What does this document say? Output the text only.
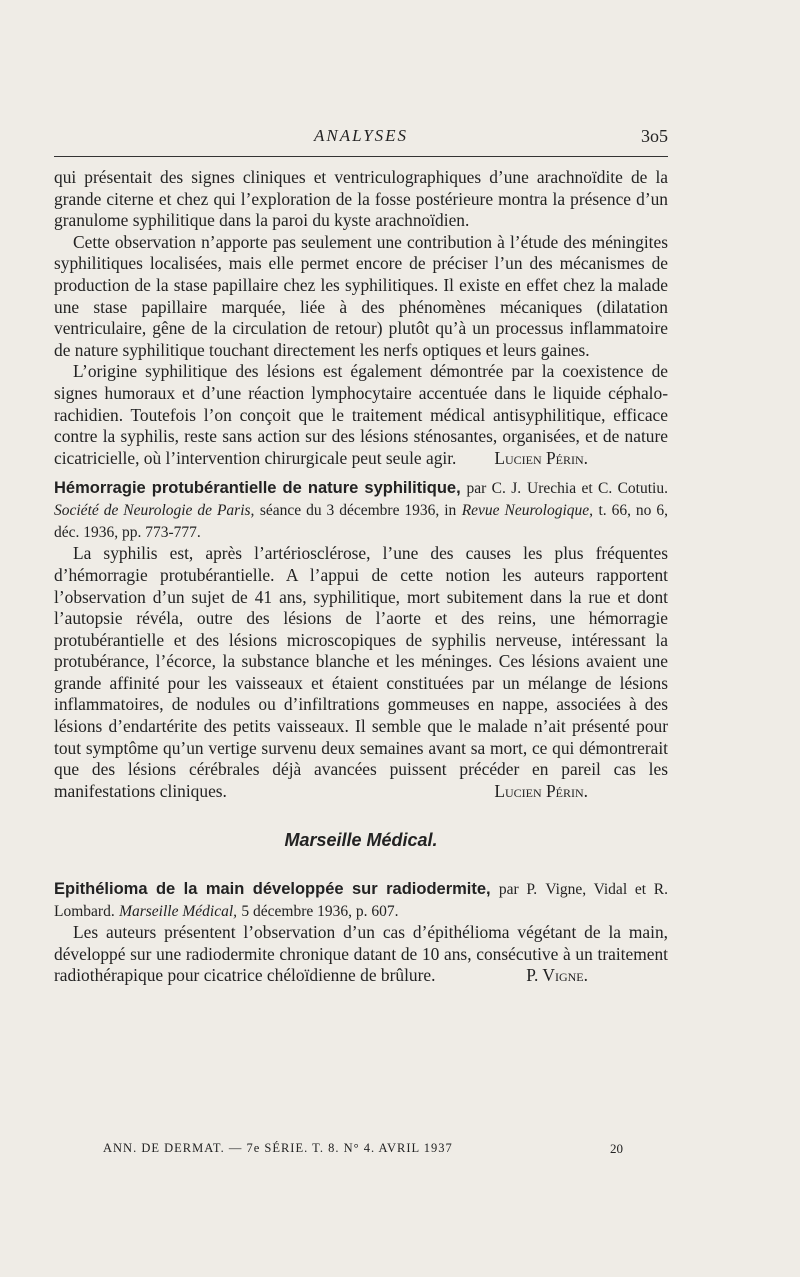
ANALYSES	3o5

qui présentait des signes cliniques et ventriculographiques d’une arachnoïdite de la grande citerne et chez qui l’exploration de la fosse postérieure montra la présence d’un granulome syphilitique dans la paroi du kyste arachnoïdien.

Cette observation n’apporte pas seulement une contribution à l’étude des méningites syphilitiques localisées, mais elle permet encore de préciser l’un des mécanismes de production de la stase papillaire chez les syphilitiques. Il existe en effet chez la malade une stase papillaire marquée, liée à des phénomènes mécaniques (dilatation ventriculaire, gêne de la circulation de retour) plutôt qu’à un processus inflammatoire de nature syphilitique touchant directement les nerfs optiques et leurs gaines.

L’origine syphilitique des lésions est également démontrée par la coexistence de signes humoraux et d’une réaction lymphocytaire accentuée dans le liquide céphalo-rachidien. Toutefois l’on conçoit que le traitement médical antisyphilitique, efficace contre la syphilis, reste sans action sur des lésions sténosantes, organisées, et de nature cicatricielle, où l’intervention chirurgicale peut seule agir.	Lucien Périn.

Hémorragie protubérantielle de nature syphilitique, par C. J. Urechia et C. Cotutiu. Société de Neurologie de Paris, séance du 3 décembre 1936, in Revue Neurologique, t. 66, no 6, déc. 1936, pp. 773-777.

La syphilis est, après l’artériosclérose, l’une des causes les plus fréquentes d’hémorragie protubérantielle. A l’appui de cette notion les auteurs rapportent l’observation d’un sujet de 41 ans, syphilitique, mort subitement dans la rue et dont l’autopsie révéla, outre des lésions de l’aorte et des reins, une hémorragie protubérantielle et des lésions microscopiques de syphilis nerveuse, intéressant la protubérance, l’écorce, la substance blanche et les méninges. Ces lésions avaient une grande affinité pour les vaisseaux et étaient constituées par un mélange de lésions inflammatoires, de nodules ou d’infiltrations gommeuses en nappe, associées à des lésions d’endartérite des petits vaisseaux. Il semble que le malade n’ait présenté pour tout symptôme qu’un vertige survenu deux semaines avant sa mort, ce qui démontrerait que des lésions cérébrales déjà avancées puissent précéder en pareil cas les manifestations cliniques.	Lucien Périn.

Marseille Médical.

Epithélioma de la main développée sur radiodermite, par P. Vigne, Vidal et R. Lombard. Marseille Médical, 5 décembre 1936, p. 607.

Les auteurs présentent l’observation d’un cas d’épithélioma végétant de la main, développé sur une radiodermite chronique datant de 10 ans, consécutive à un traitement radiothérapique pour cicatrice chéloïdienne de brûlure.	P. Vigne.

ANN. DE DERMAT. — 7e SÉRIE. T. 8. N° 4. AVRIL 1937	20
